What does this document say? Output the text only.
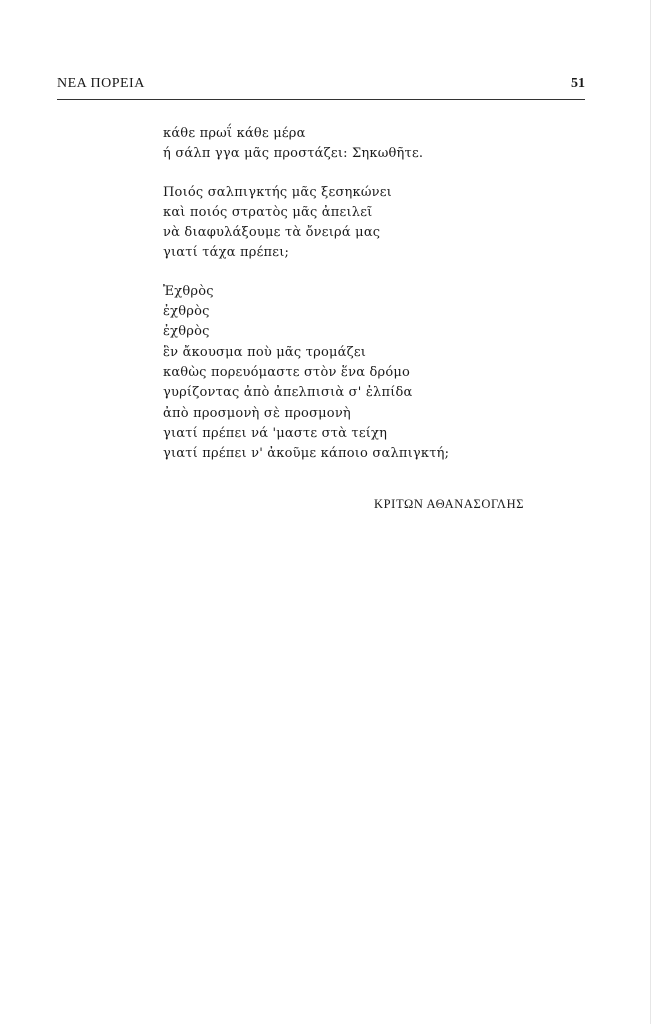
ΝΕΑ ΠΟΡΕΙΑ	51
κάθε πρωΐ κάθε μέρα
ή σάλπ γγα μᾶς προστάζει: Σηκωθῆτε.
Ποιός σαλπιγκτής μᾶς ξεσηκώνει
καὶ ποιός στρατὸς μᾶς ἀπειλεῖ
νὰ διαφυλάξουμε τὰ ὄνειρά μας
γιατί τάχα πρέπει;
Ἐχθρὸς
ἐχθρὸς
ἐχθρὸς
ἓν ἄκουσμα ποὺ μᾶς τρομάζει
καθὼς πορευόμαστε στὸν ἕνα δρόμο
γυρίζοντας ἀπὸ ἀπελπισιὰ σ' ἐλπίδα
ἀπὸ προσμονὴ σὲ προσμονὴ
γιατί πρέπει νά 'μαστε στὰ τείχη
γιατί πρέπει ν' ἀκοῦμε κάποιο σαλπιγκτή;
ΚΡΙΤΩΝ ΑΘΑΝΑΣΟΓΛΗΣ
